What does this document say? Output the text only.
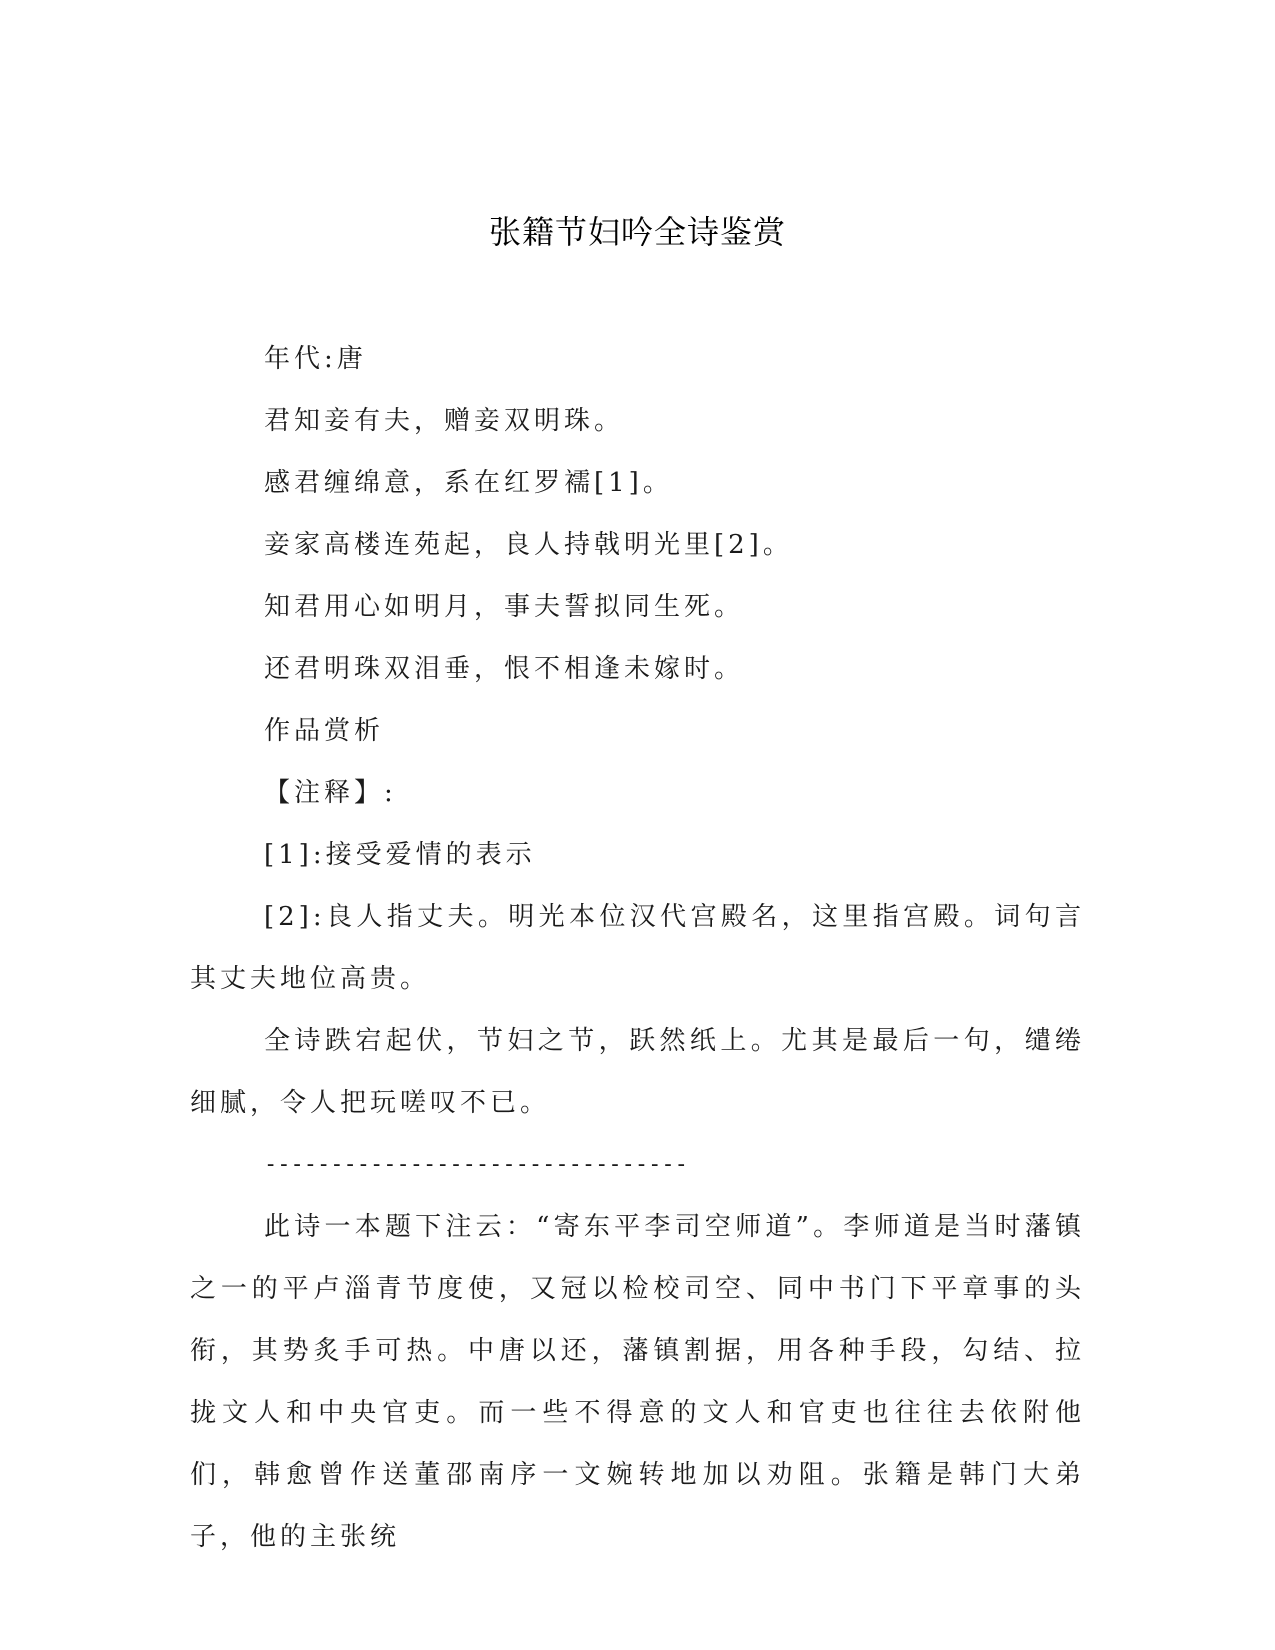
张籍节妇吟全诗鉴赏

年代:唐

君知妾有夫，赠妾双明珠。

感君缠绵意，系在红罗襦[1]。

妾家高楼连苑起，良人持戟明光里[2]。

知君用心如明月，事夫誓拟同生死。

还君明珠双泪垂，恨不相逢未嫁时。

作品赏析

【注释】:

[1]:接受爱情的表示

[2]:良人指丈夫。明光本位汉代宫殿名，这里指宫殿。词句言其丈夫地位高贵。

全诗跌宕起伏，节妇之节，跃然纸上。尤其是最后一句，缱绻细腻，令人把玩嗟叹不已。

--------------------------------

此诗一本题下注云：“寄东平李司空师道”。李师道是当时藩镇之一的平卢淄青节度使，又冠以检校司空、同中书门下平章事的头衔，其势炙手可热。中唐以还，藩镇割据，用各种手段，勾结、拉拢文人和中央官吏。而一些不得意的文人和官吏也往往去依附他们，韩愈曾作送董邵南序一文婉转地加以劝阻。张籍是韩门大弟子，他的主张统
